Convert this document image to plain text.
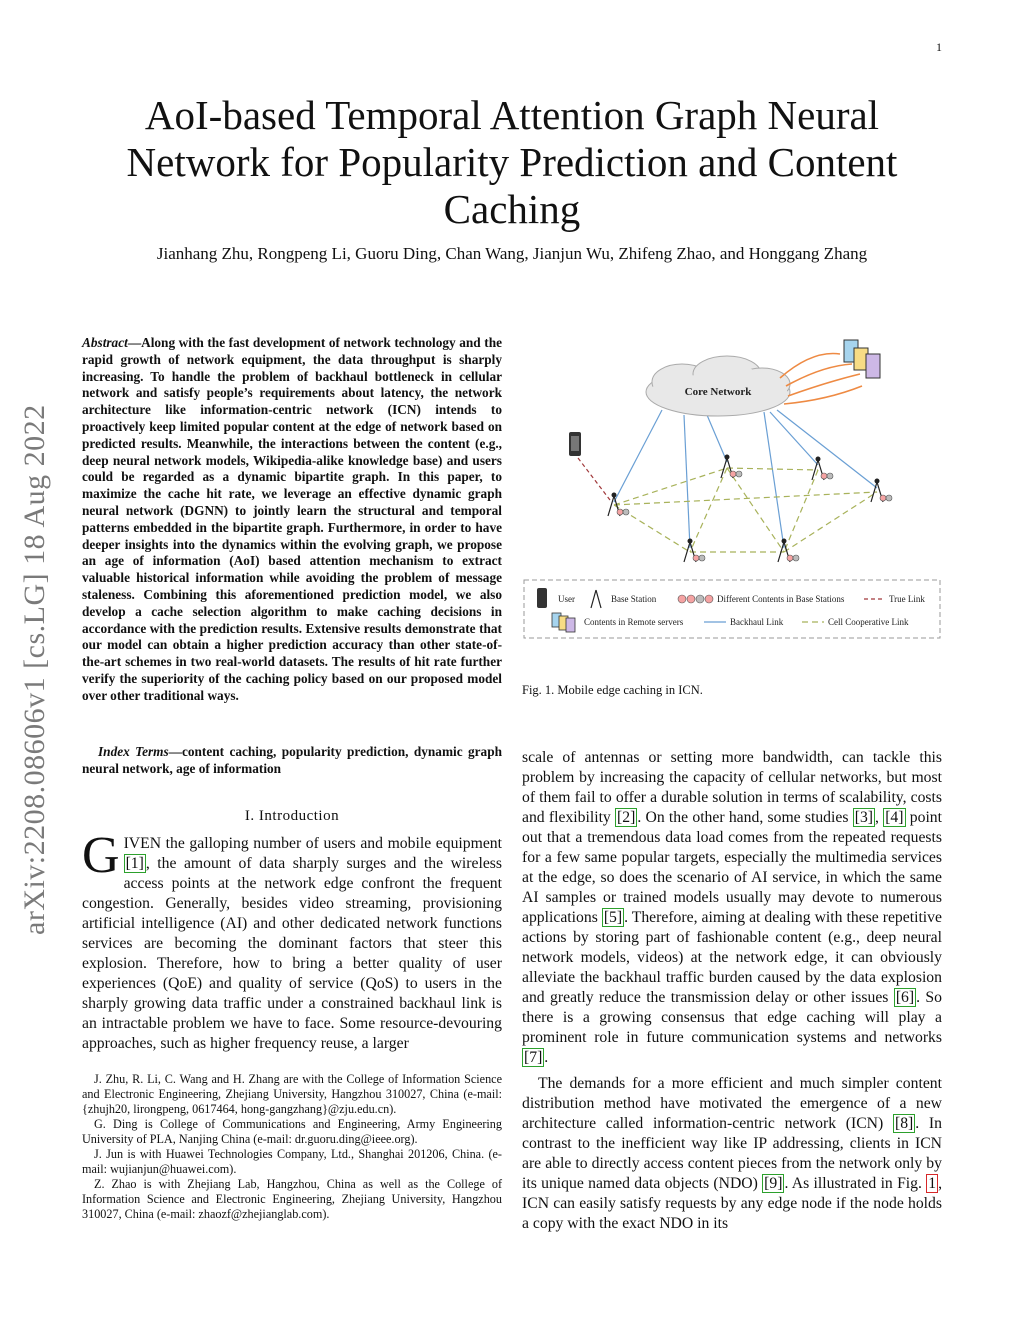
1
AoI-based Temporal Attention Graph Neural Network for Popularity Prediction and Content Caching
Jianhang Zhu, Rongpeng Li, Guoru Ding, Chan Wang, Jianjun Wu, Zhifeng Zhao, and Honggang Zhang
arXiv:2208.08606v1 [cs.LG] 18 Aug 2022
Abstract—Along with the fast development of network technology and the rapid growth of network equipment, the data throughput is sharply increasing. To handle the problem of backhaul bottleneck in cellular network and satisfy people’s requirements about latency, the network architecture like information-centric network (ICN) intends to proactively keep limited popular content at the edge of network based on predicted results. Meanwhile, the interactions between the content (e.g., deep neural network models, Wikipedia-alike knowledge base) and users could be regarded as a dynamic bipartite graph. In this paper, to maximize the cache hit rate, we leverage an effective dynamic graph neural network (DGNN) to jointly learn the structural and temporal patterns embedded in the bipartite graph. Furthermore, in order to have deeper insights into the dynamics within the evolving graph, we propose an age of information (AoI) based attention mechanism to extract valuable historical information while avoiding the problem of message staleness. Combining this aforementioned prediction model, we also develop a cache selection algorithm to make caching decisions in accordance with the prediction results. Extensive results demonstrate that our model can obtain a higher prediction accuracy than other state-of-the-art schemes in two real-world datasets. The results of hit rate further verify the superiority of the caching policy based on our proposed model over other traditional ways.
Index Terms—content caching, popularity prediction, dynamic graph neural network, age of information
I. Introduction
GIVEN the galloping number of users and mobile equipment [1] , the amount of data sharply surges and the wireless access points at the network edge confront the frequent congestion. Generally, besides video streaming, provisioning artificial intelligence (AI) and other dedicated network functions services are becoming the dominant factors that steer this explosion. Therefore, how to bring a better quality of user experiences (QoE) and quality of service (QoS) to users in the sharply growing data traffic under a constrained backhaul link is an intractable problem we have to face. Some resource-devouring approaches, such as higher frequency reuse, a larger

J. Zhu, R. Li, C. Wang and H. Zhang are with the College of Information Science and Electronic Engineering, Zhejiang University, Hangzhou 310027, China (e-mail: {zhujh20, lirongpeng, 0617464, hong-gangzhang}@zju.edu.cn).

G. Ding is College of Communications and Engineering, Army Engineering University of PLA, Nanjing China (e-mail: dr.guoru.ding@ieee.org).

J. Jun is with Huawei Technologies Company, Ltd., Shanghai 201206, China. (e-mail: wujianjun@huawei.com).

Z. Zhao is with Zhejiang Lab, Hangzhou, China as well as the College of Information Science and Electronic Engineering, Zhejiang University, Hangzhou 310027, China (e-mail: zhaozf@zhejianglab.com).

Core Network
User	Base Station	Different Contents in Base Stations	True Link
Contents in Remote servers	Backhaul Link	Cell Cooperative Link
Fig. 1. Mobile edge caching in ICN.

scale of antennas or setting more bandwidth, can tackle this problem by increasing the capacity of cellular networks, but most of them fail to offer a durable solution in terms of scalability, costs and flexibility [2] . On the other hand, some studies [3] , [4] point out that a tremendous data load comes from the repeated requests for a few same popular targets, especially the multimedia services at the edge, so does the scenario of AI service, in which the same AI samples or trained models usually may devote to numerous applications [5] . Therefore, aiming at dealing with these repetitive actions by storing part of fashionable content (e.g., deep neural network models, videos) at the network edge, it can obviously alleviate the backhaul traffic burden caused by the data explosion and greatly reduce the transmission delay or other issues [6] . So there is a growing consensus that edge caching will play a prominent role in future communication systems and networks [7] .

The demands for a more efficient and much simpler content distribution method have motivated the emergence of a new architecture called information-centric network (ICN) [8] . In contrast to the inefficient way like IP addressing, clients in ICN are able to directly access content pieces from the network only by its unique named data objects (NDO) [9] . As illustrated in Fig. 1 , ICN can easily satisfy requests by any edge node if the node holds a copy with the exact NDO in its
